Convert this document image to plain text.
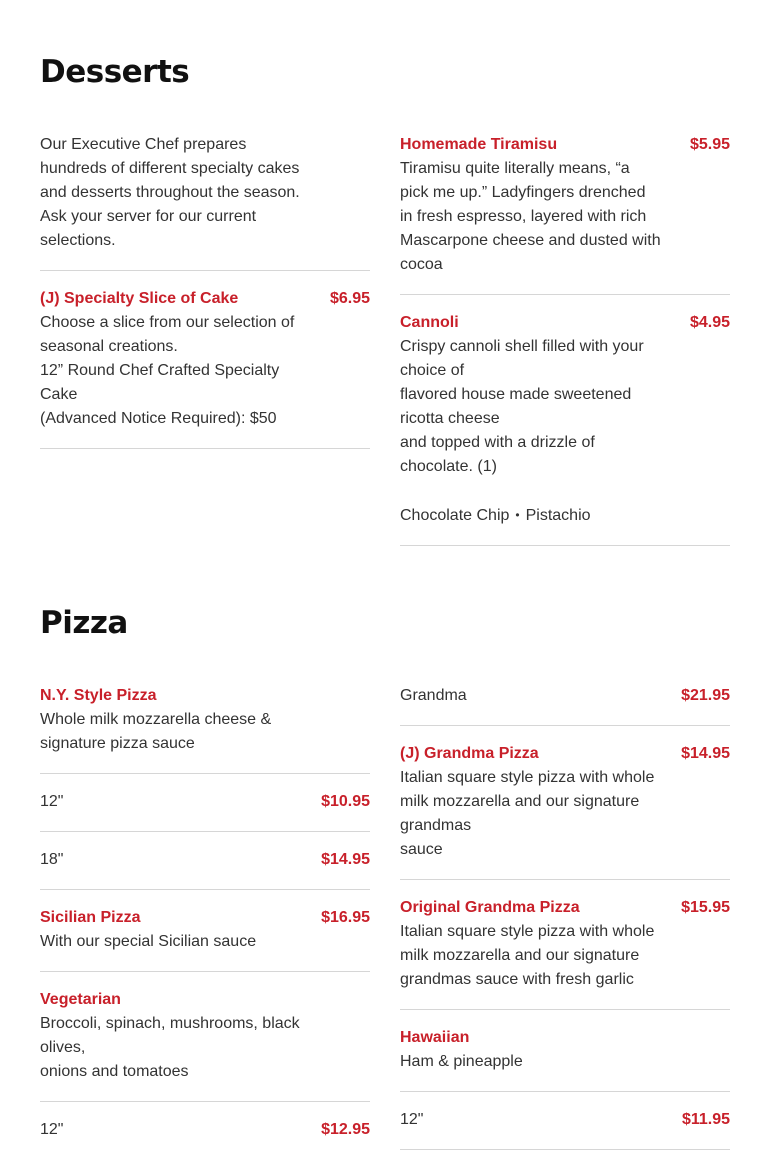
Desserts
Our Executive Chef prepares hundreds of different specialty cakes and desserts throughout the season. Ask your server for our current selections.
(J) Specialty Slice of Cake	$6.95
Choose a slice from our selection of seasonal creations.
12” Round Chef Crafted Specialty Cake
(Advanced Notice Required): $50
Homemade Tiramisu	$5.95
Tiramisu quite literally means, “a pick me up.” Ladyfingers drenched in fresh espresso, layered with rich Mascarpone cheese and dusted with cocoa
Cannoli	$4.95
Crispy cannoli shell filled with your choice of
flavored house made sweetened ricotta cheese
and topped with a drizzle of chocolate. (1)
Chocolate Chip • Pistachio
Pizza
N.Y. Style Pizza
Whole milk mozzarella cheese & signature pizza sauce
12"	$10.95
18"	$14.95
Sicilian Pizza	$16.95
With our special Sicilian sauce
Vegetarian
Broccoli, spinach, mushrooms, black olives,
onions and tomatoes
12"	$12.95
Grandma	$21.95
(J) Grandma Pizza	$14.95
Italian square style pizza with whole milk mozzarella and our signature grandmas
sauce
Original Grandma Pizza	$15.95
Italian square style pizza with whole milk mozzarella and our signature grandmas sauce with fresh garlic
Hawaiian
Ham & pineapple
12"	$11.95
